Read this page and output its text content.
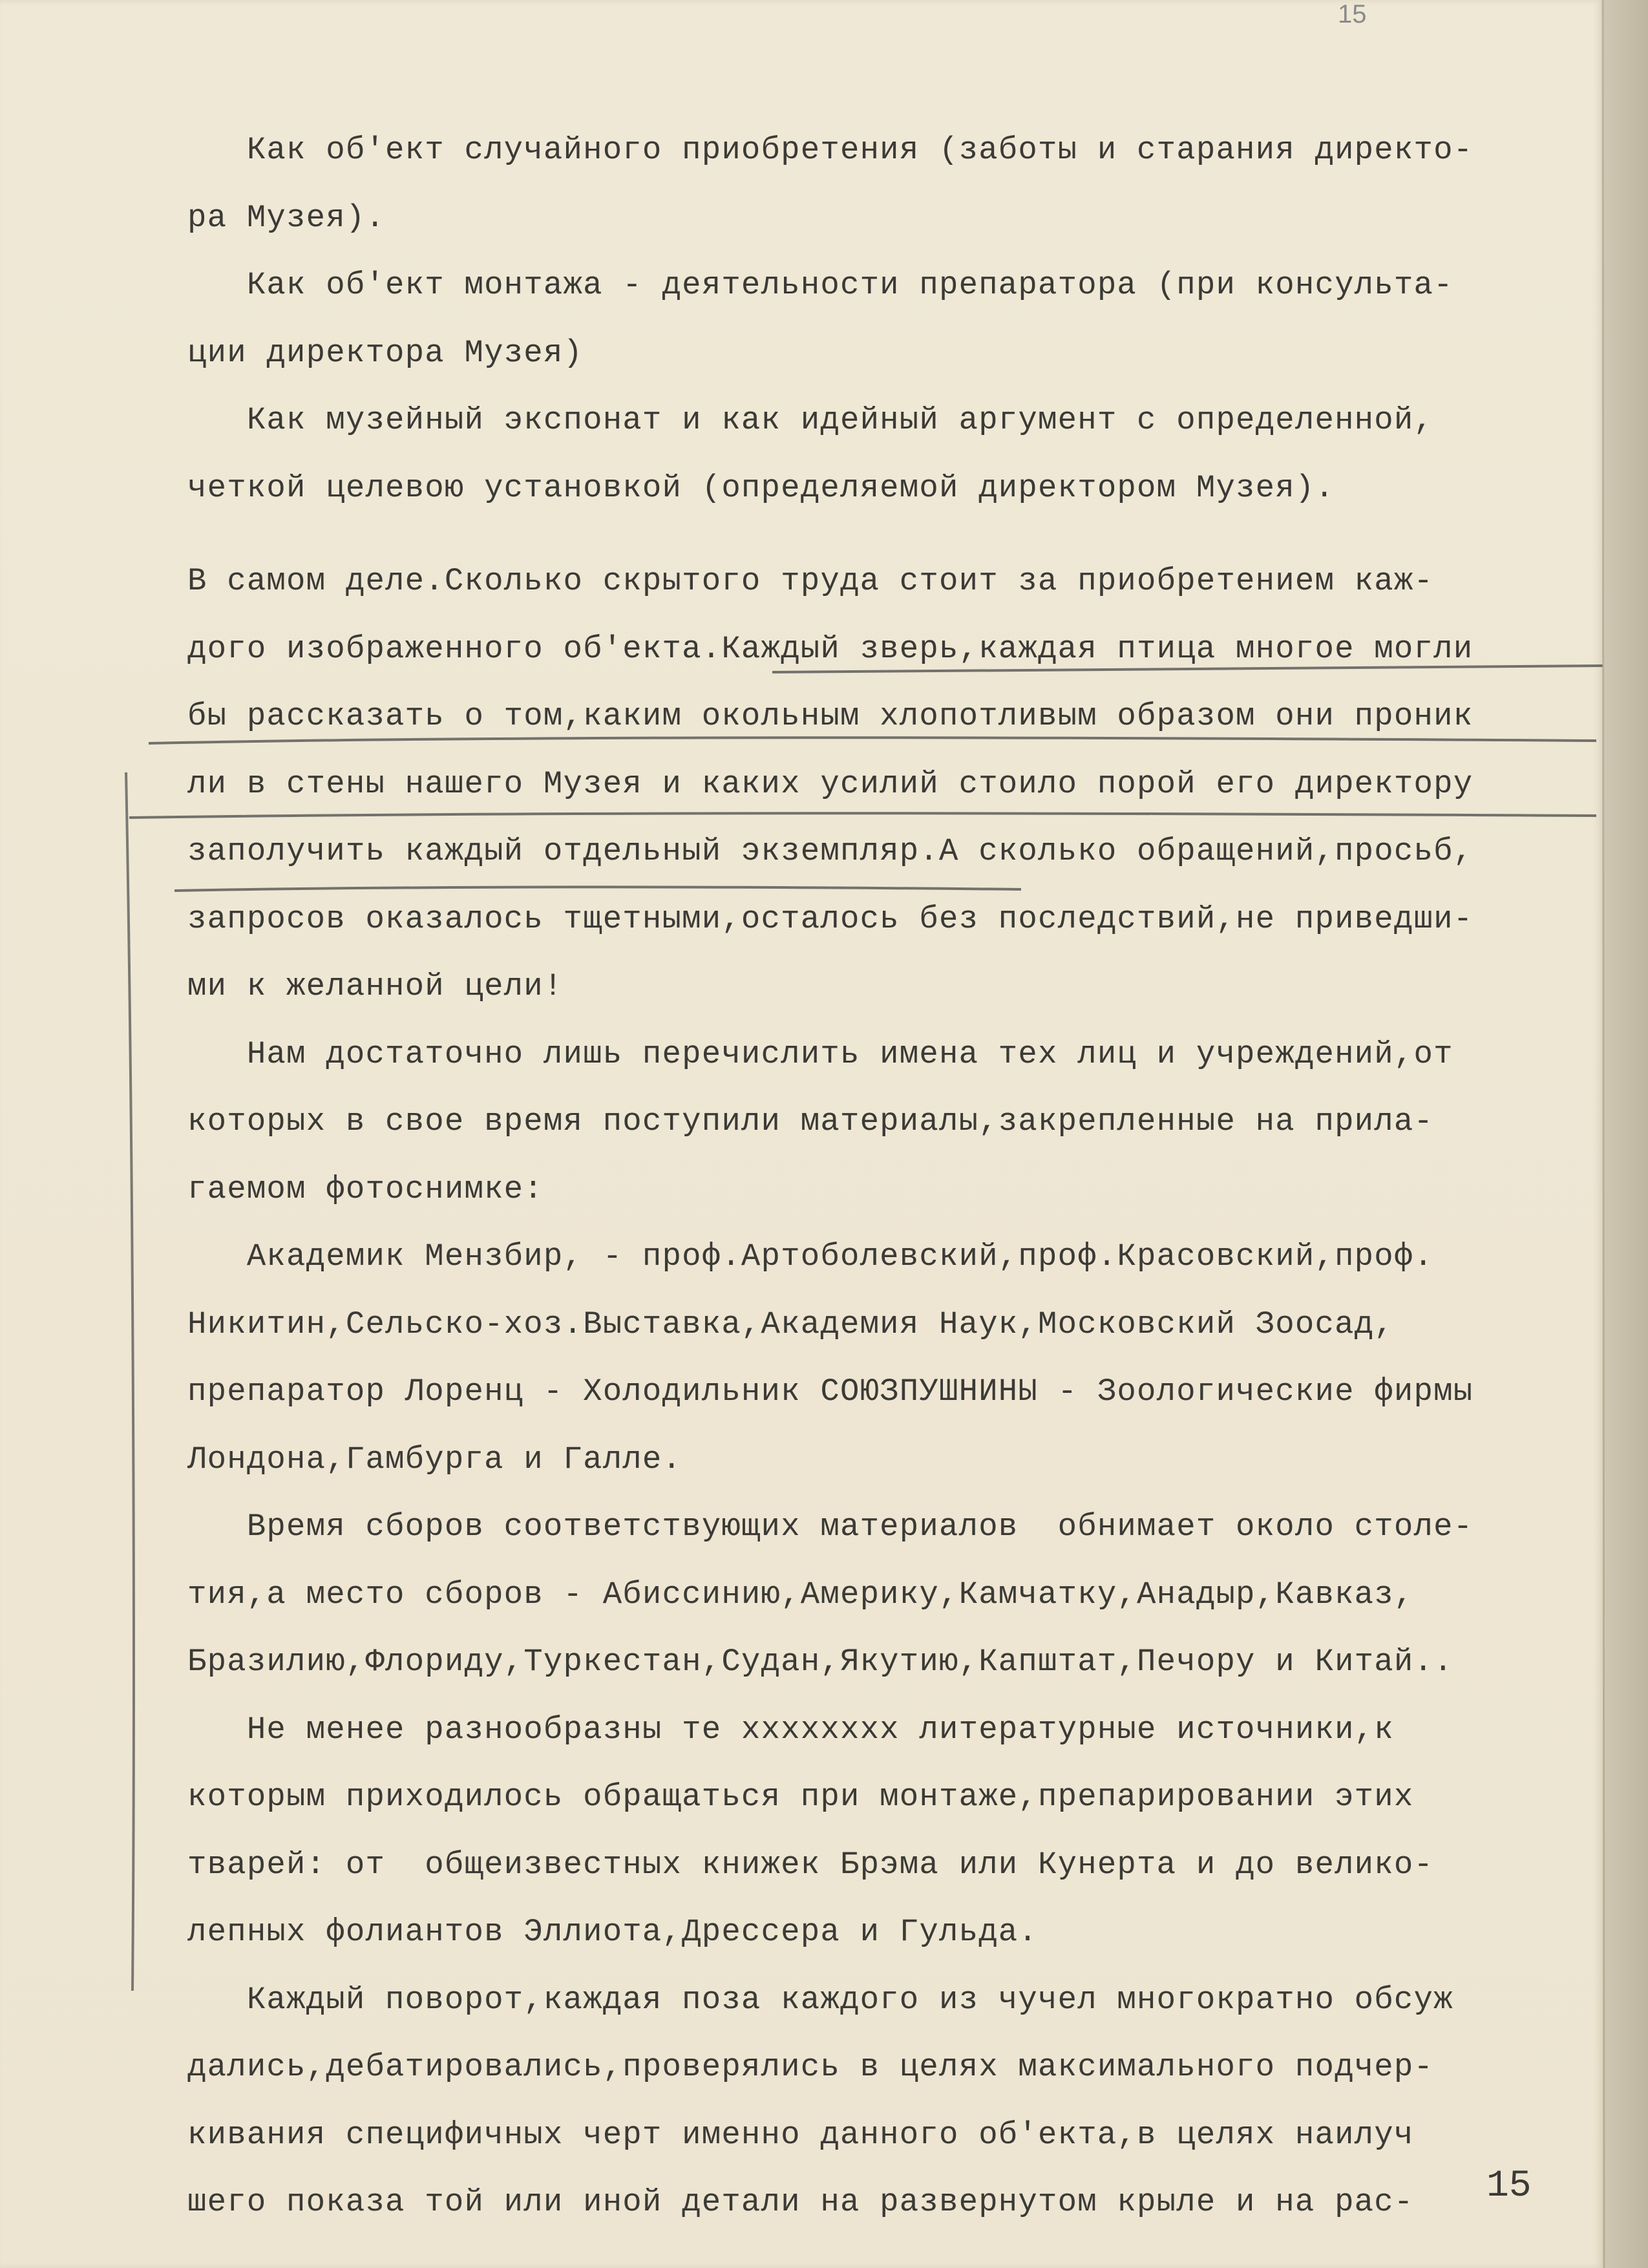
15
Как об'ект случайного приобретения (заботы и старания директо-
ра Музея).
Как об'ект монтажа - деятельности препаратора (при консульта-
ции директора Музея)
Как музейный экспонат и как идейный аргумент с определенной,
четкой целевою установкой (определяемой директором Музея).
В самом деле.Сколько скрытого труда стоит за приобретением каж-
дого изображенного об'екта.Каждый зверь,каждая птица многое могли
бы рассказать о том,каким окольным хлопотливым образом они проник
ли в стены нашего Музея и каких усилий стоило порой его директору
заполучить каждый отдельный экземпляр.А сколько обращений,просьб,
запросов оказалось тщетными,осталось без последствий,не приведши-
ми к желанной цели!
Нам достаточно лишь перечислить имена тех лиц и учреждений,от
которых в свое время поступили материалы,закрепленные на прила-
гаемом фотоснимке:
Академик Мензбир, - проф.Артоболевский,проф.Красовский,проф.
Никитин,Сельско-хоз.Выставка,Академия Наук,Московский Зоосад,
препаратор Лоренц - Холодильник СОЮЗПУШНИНЫ - Зоологические фирмы
Лондона,Гамбурга и Галле.
Время сборов соответствующих материалов  обнимает около столе-
тия,а место сборов - Абиссинию,Америку,Камчатку,Анадыр,Кавказ,
Бразилию,Флориду,Туркестан,Судан,Якутию,Капштат,Печору и Китай..
Не менее разнообразны те xxxxxxxx литературные источники,к
которым приходилось обращаться при монтаже,препарировании этих
тварей: от  общеизвестных книжек Брэма или Кунерта и до велико-
лепных фолиантов Эллиота,Дрессера и Гульда.
Каждый поворот,каждая поза каждого из чучел многократно обсуж
дались,дебатировались,проверялись в целях максимального подчер-
кивания специфичных черт именно данного об'екта,в целях наилуч
шего показа той или иной детали на развернутом крыле и на рас-	15
